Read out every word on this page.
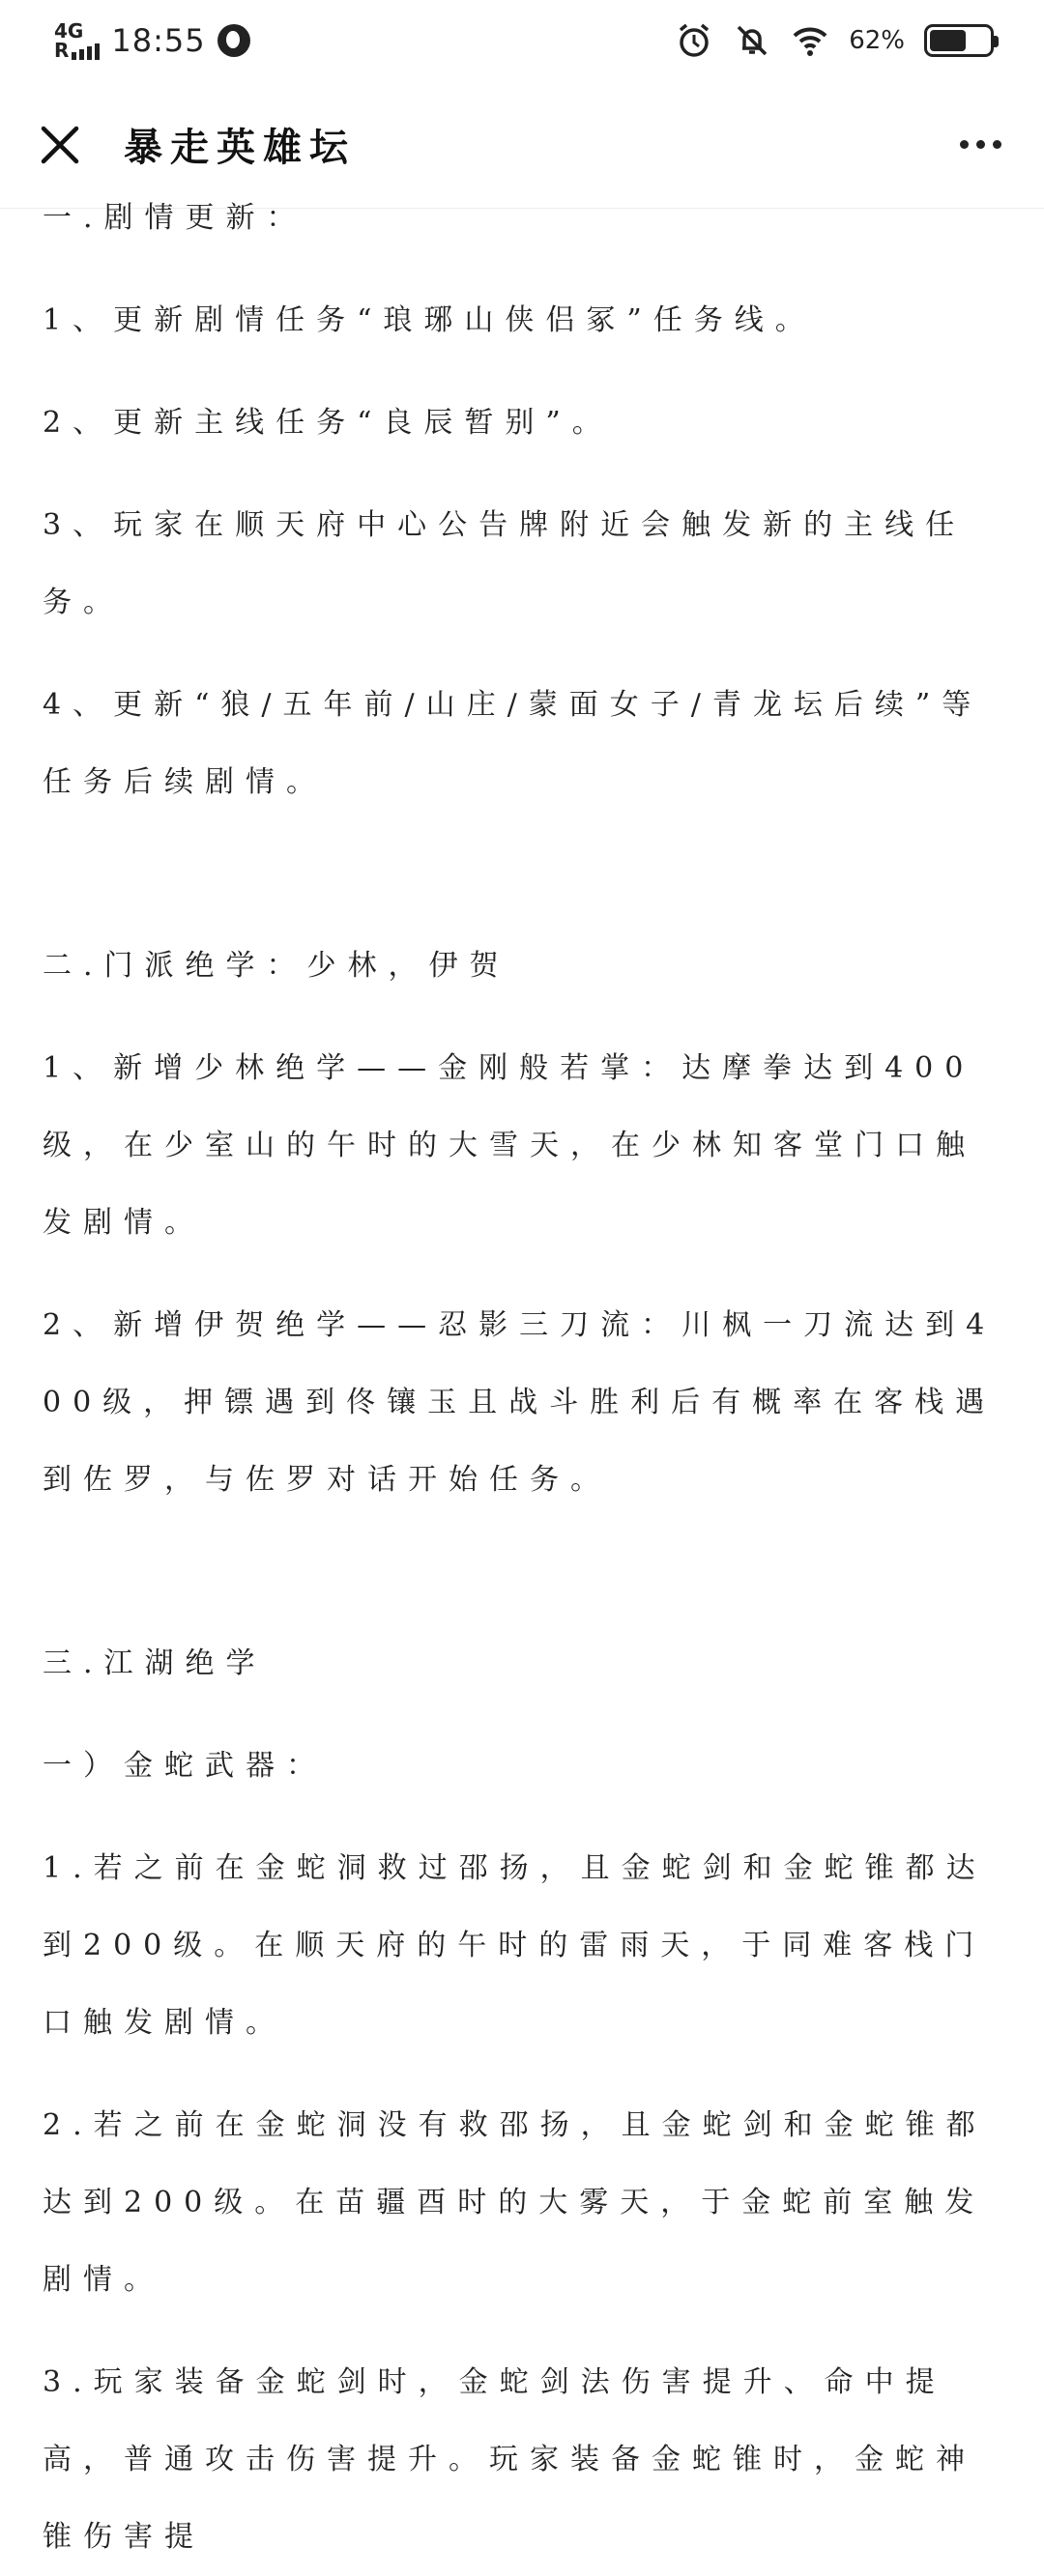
4G
R 18:55	62%
暴走英雄坛

一.剧情更新：

1、更新剧情任务“琅琊山侠侣冢”任务线。

2、更新主线任务“良辰暂别”。

3、玩家在顺天府中心公告牌附近会触发新的主线任务。

4、更新“狼/五年前/山庄/蒙面女子/青龙坛后续”等任务后续剧情。

二.门派绝学：少林，伊贺

1、新增少林绝学——金刚般若掌：达摩拳达到400级，在少室山的午时的大雪天，在少林知客堂门口触发剧情。

2、新增伊贺绝学——忍影三刀流：川枫一刀流达到400级，押镖遇到佟镶玉且战斗胜利后有概率在客栈遇到佐罗，与佐罗对话开始任务。

三.江湖绝学

一）金蛇武器：

1.若之前在金蛇洞救过邵扬，且金蛇剑和金蛇锥都达到200级。在顺天府的午时的雷雨天，于同难客栈门口触发剧情。

2.若之前在金蛇洞没有救邵扬，且金蛇剑和金蛇锥都达到200级。在苗疆酉时的大雾天，于金蛇前室触发剧情。

3.玩家装备金蛇剑时，金蛇剑法伤害提升、命中提高，普通攻击伤害提升。玩家装备金蛇锥时，金蛇神锥伤害提
